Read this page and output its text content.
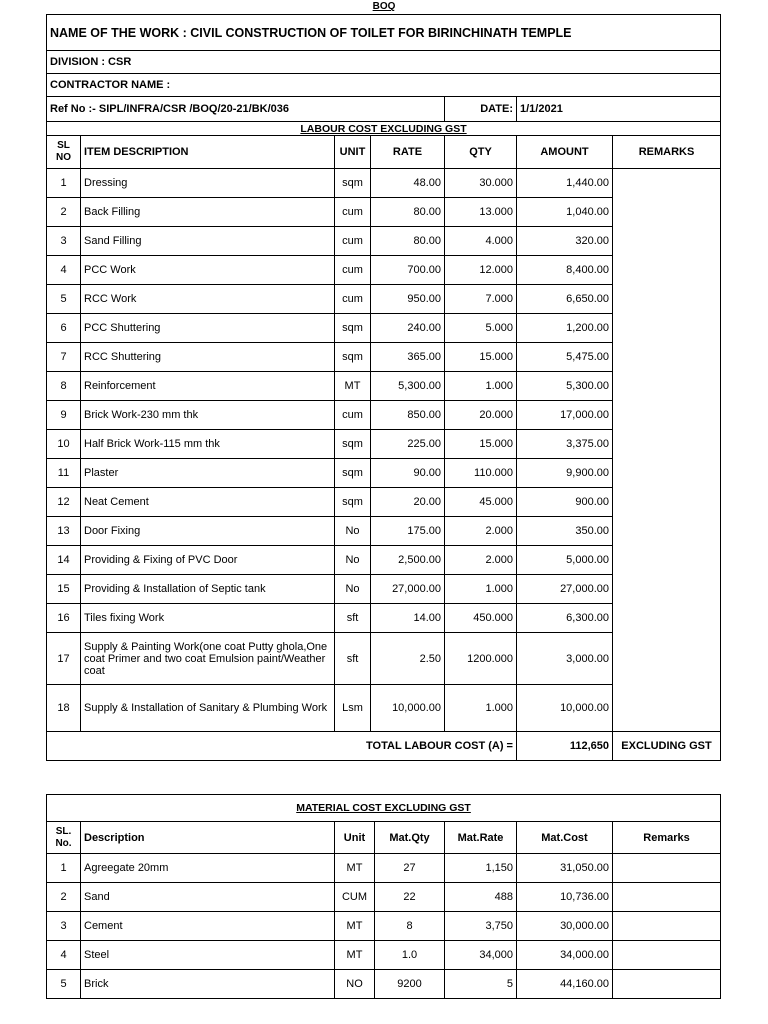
BOQ
NAME OF THE WORK : CIVIL CONSTRUCTION OF TOILET FOR BIRINCHINATH TEMPLE						
DIVISION : CSR						
CONTRACTOR NAME :						
Ref No :- SIPL/INFRA/CSR /BOQ/20-21/BK/036				DATE:	1/1/2021	
LABOUR COST EXCLUDING GST						
SL NO	ITEM DESCRIPTION	UNIT	RATE	QTY	AMOUNT	REMARKS
1	Dressing	sqm	48.00	30.000	1,440.00	
2	Back Filling	cum	80.00	13.000	1,040.00	
3	Sand Filling	cum	80.00	4.000	320.00	
4	PCC Work	cum	700.00	12.000	8,400.00	
5	RCC Work	cum	950.00	7.000	6,650.00	
6	PCC Shuttering	sqm	240.00	5.000	1,200.00	
7	RCC Shuttering	sqm	365.00	15.000	5,475.00	
8	Reinforcement	MT	5,300.00	1.000	5,300.00	
9	Brick Work-230 mm thk	cum	850.00	20.000	17,000.00	
10	Half Brick Work-115 mm thk	sqm	225.00	15.000	3,375.00	
11	Plaster	sqm	90.00	110.000	9,900.00	
12	Neat Cement	sqm	20.00	45.000	900.00	
13	Door Fixing	No	175.00	2.000	350.00	
14	Providing & Fixing of PVC Door	No	2,500.00	2.000	5,000.00	
15	Providing & Installation of Septic tank	No	27,000.00	1.000	27,000.00	
16	Tiles fixing Work	sft	14.00	450.000	6,300.00	
17	Supply & Painting Work(one coat Putty ghola,One coat Primer and two coat Emulsion paint/Weather coat	sft	2.50	1200.000	3,000.00	
18	Supply & Installation of Sanitary & Plumbing Work	Lsm	10,000.00	1.000	10,000.00	
TOTAL LABOUR COST (A) =					112,650	EXCLUDING GST
MATERIAL COST EXCLUDING GST						
SL. No.	Description	Unit	Mat.Qty	Mat.Rate	Mat.Cost	Remarks
1	Agreegate 20mm	MT	27	1,150	31,050.00	
2	Sand	CUM	22	488	10,736.00	
3	Cement	MT	8	3,750	30,000.00	
4	Steel	MT	1.0	34,000	34,000.00	
5	Brick	NO	9200	5	44,160.00	
